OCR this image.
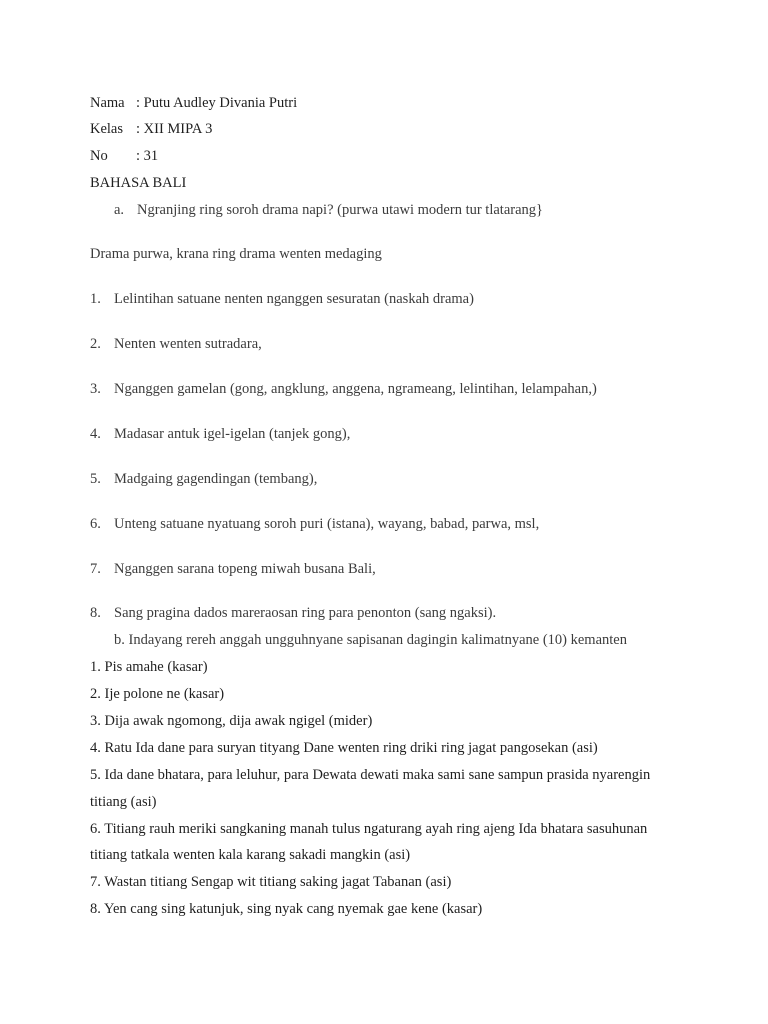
Nama : Putu Audley Divania Putri
Kelas : XII MIPA 3
No : 31
BAHASA BALI
a. Ngranjing ring soroh drama napi? (purwa utawi modern tur tlatarang}
Drama purwa, krana ring drama wenten medaging
1. Lelintihan satuane nenten nganggen sesuratan (naskah drama)
2. Nenten wenten sutradara,
3. Nganggen gamelan (gong, angklung, anggena, ngrameang, lelintihan, lelampahan,)
4. Madasar antuk igel-igelan (tanjek gong),
5. Madgaing gagendingan (tembang),
6. Unteng satuane nyatuang soroh puri (istana), wayang, babad, parwa, msl,
7. Nganggen sarana topeng miwah busana Bali,
8. Sang pragina dados mareraosan ring para penonton (sang ngaksi).
b. Indayang rereh anggah ungguhnyane sapisanan dagingin kalimatnyane (10) kemanten
1. Pis amahe (kasar)
2. Ije polone ne (kasar)
3. Dija awak ngomong, dija awak ngigel (mider)
4. Ratu Ida dane para suryan tityang Dane wenten ring driki ring jagat pangosekan (asi)
5. Ida dane bhatara, para leluhur, para Dewata dewati maka sami sane sampun prasida nyarengin
titiang (asi)
6. Titiang rauh meriki sangkaning manah tulus ngaturang ayah ring ajeng Ida bhatara sasuhunan
titiang tatkala wenten kala karang sakadi mangkin (asi)
7. Wastan titiang Sengap wit titiang saking jagat Tabanan (asi)
8. Yen cang sing katunjuk, sing nyak cang nyemak gae kene (kasar)
